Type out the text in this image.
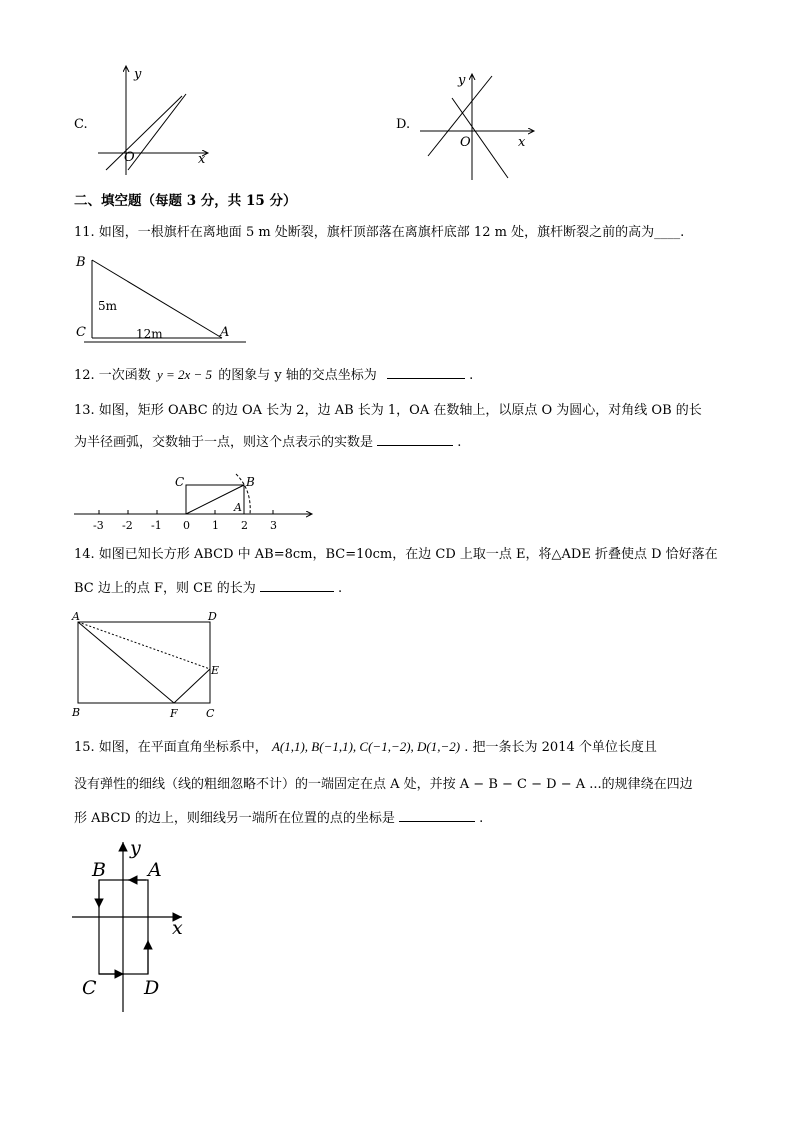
C.
y
x
O
D.
y
x
O
二、填空题（每题 3 分，共 15 分）
11. 如图，一根旗杆在离地面 5 m 处断裂，旗杆顶部落在离旗杆底部 12 m 处，旗杆断裂之前的高为____.
B
C	A
5m
12m
12. 一次函数 y = 2x − 5 的图象与 y 轴的交点坐标为	.
13. 如图，矩形 OABC 的边 OA 长为 2，边 AB 长为 1，OA 在数轴上，以原点 O 为圆心，对角线 OB 的长
为半径画弧，交数轴于一点，则这个点表示的实数是	.
-3 -2 -1 0 1 2 3
C	B
A
14. 如图已知长方形 ABCD 中 AB=8cm，BC=10cm，在边 CD 上取一点 E，将△ADE 折叠使点 D 恰好落在
BC 边上的点 F，则 CE 的长为	.
A	D
E
B	F	C
15. 如图，在平面直角坐标系中， A(1,1), B(−1,1), C(−1,−2), D(1,−2) . 把一条长为 2014 个单位长度且
没有弹性的细线（线的粗细忽略不计）的一端固定在点 A 处，并按 A − B − C − D − A ...的规律绕在四边
形 ABCD 的边上，则细线另一端所在位置的点的坐标是	.
B A
C D
y
x
